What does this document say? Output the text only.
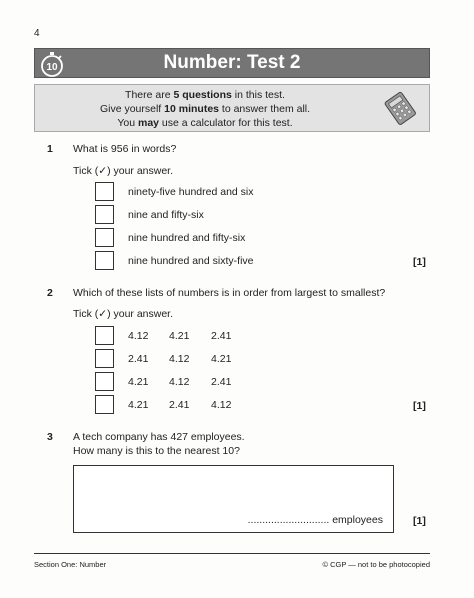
4
10	Number: Test 2
There are 5 questions in this test.
Give yourself 10 minutes to answer them all.
You may use a calculator for this test.
1 What is 956 in words?
Tick (✓) your answer.
ninety-five hundred and six
nine and fifty-six
nine hundred and fifty-six
nine hundred and sixty-five	[1]
2 Which of these lists of numbers is in order from largest to smallest?
Tick (✓) your answer.
4.12 4.21 2.41
2.41 4.12 4.21
4.21 4.12 2.41
4.21 2.41 4.12	[1]
3 A tech company has 427 employees.
How many is this to the nearest 10?
............................ employees	[1]
Section One: Number	© CGP — not to be photocopied
